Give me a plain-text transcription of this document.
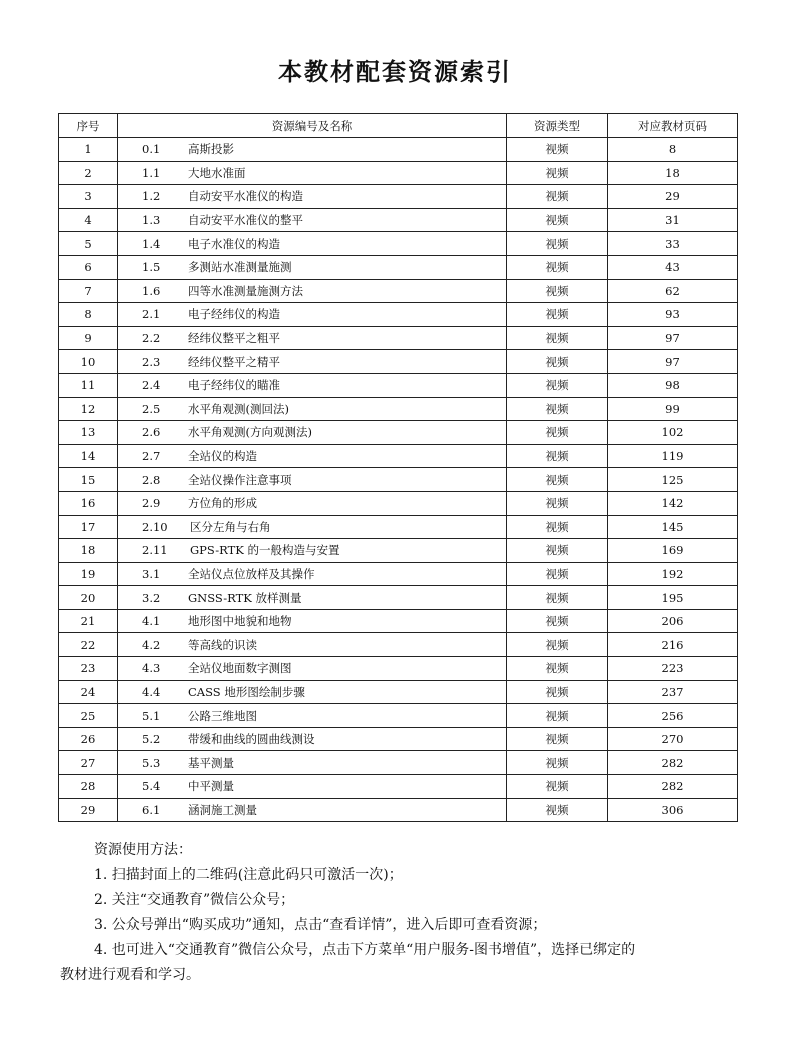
本教材配套资源索引
序号	资源编号及名称	资源类型	对应教材页码
1	0.1 高斯投影	视频	8
2	1.1 大地水准面	视频	18
3	1.2 自动安平水准仪的构造	视频	29
4	1.3 自动安平水准仪的整平	视频	31
5	1.4 电子水准仪的构造	视频	33
6	1.5 多测站水准测量施测	视频	43
7	1.6 四等水准测量施测方法	视频	62
8	2.1 电子经纬仪的构造	视频	93
9	2.2 经纬仪整平之粗平	视频	97
10	2.3 经纬仪整平之精平	视频	97
11	2.4 电子经纬仪的瞄准	视频	98
12	2.5 水平角观测(测回法)	视频	99
13	2.6 水平角观测(方向观测法)	视频	102
14	2.7 全站仪的构造	视频	119
15	2.8 全站仪操作注意事项	视频	125
16	2.9 方位角的形成	视频	142
17	2.10 区分左角与右角	视频	145
18	2.11 GPS-RTK 的一般构造与安置	视频	169
19	3.1 全站仪点位放样及其操作	视频	192
20	3.2 GNSS-RTK 放样测量	视频	195
21	4.1 地形图中地貌和地物	视频	206
22	4.2 等高线的识读	视频	216
23	4.3 全站仪地面数字测图	视频	223
24	4.4 CASS 地形图绘制步骤	视频	237
25	5.1 公路三维地图	视频	256
26	5.2 带缓和曲线的圆曲线测设	视频	270
27	5.3 基平测量	视频	282
28	5.4 中平测量	视频	282
29	6.1 涵洞施工测量	视频	306
资源使用方法：
1. 扫描封面上的二维码(注意此码只可激活一次)；
2. 关注“交通教育”微信公众号；
3. 公众号弹出“购买成功”通知，点击“查看详情”，进入后即可查看资源；
4. 也可进入“交通教育”微信公众号，点击下方菜单“用户服务-图书增值”，选择已绑定的
教材进行观看和学习。
